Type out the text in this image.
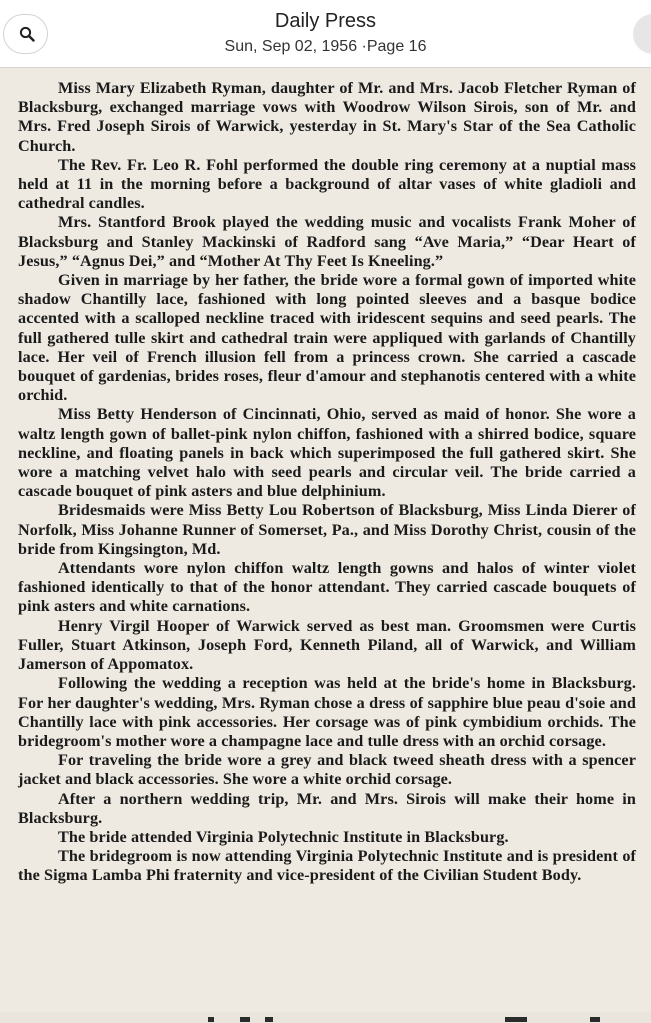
Daily Press
Sun, Sep 02, 1956 ·Page 16

Miss Mary Elizabeth Ryman, daughter of Mr. and Mrs. Jacob Fletcher Ryman of Blacksburg, exchanged marriage vows with Woodrow Wilson Sirois, son of Mr. and Mrs. Fred Joseph Sirois of Warwick, yesterday in St. Mary's Star of the Sea Catholic Church.

The Rev. Fr. Leo R. Fohl performed the double ring ceremony at a nuptial mass held at 11 in the morning before a background of altar vases of white gladioli and cathedral candles.

Mrs. Stantford Brook played the wedding music and vocalists Frank Moher of Blacksburg and Stanley Mackinski of Radford sang “Ave Maria,” “Dear Heart of Jesus,” “Agnus Dei,” and “Mother At Thy Feet Is Kneeling.”

Given in marriage by her father, the bride wore a formal gown of imported white shadow Chantilly lace, fashioned with long pointed sleeves and a basque bodice accented with a scalloped neckline traced with iridescent sequins and seed pearls. The full gathered tulle skirt and cathedral train were appliqued with garlands of Chantilly lace. Her veil of French illusion fell from a princess crown. She carried a cascade bouquet of gardenias, brides roses, fleur d'amour and stephanotis centered with a white orchid.

Miss Betty Henderson of Cincinnati, Ohio, served as maid of honor. She wore a waltz length gown of ballet-pink nylon chiffon, fashioned with a shirred bodice, square neckline, and floating panels in back which superimposed the full gathered skirt. She wore a matching velvet halo with seed pearls and circular veil. The bride carried a cascade bouquet of pink asters and blue delphinium.

Bridesmaids were Miss Betty Lou Robertson of Blacksburg, Miss Linda Dierer of Norfolk, Miss Johanne Runner of Somerset, Pa., and Miss Dorothy Christ, cousin of the bride from Kingsington, Md.

Attendants wore nylon chiffon waltz length gowns and halos of winter violet fashioned identically to that of the honor attendant. They carried cascade bouquets of pink asters and white carnations.

Henry Virgil Hooper of Warwick served as best man. Groomsmen were Curtis Fuller, Stuart Atkinson, Joseph Ford, Kenneth Piland, all of Warwick, and William Jamerson of Appomatox.

Following the wedding a reception was held at the bride's home in Blacksburg. For her daughter's wedding, Mrs. Ryman chose a dress of sapphire blue peau d'soie and Chantilly lace with pink accessories. Her corsage was of pink cymbidium orchids. The bridegroom's mother wore a champagne lace and tulle dress with an orchid corsage.

For traveling the bride wore a grey and black tweed sheath dress with a spencer jacket and black accessories. She wore a white orchid corsage.

After a northern wedding trip, Mr. and Mrs. Sirois will make their home in Blacksburg.

The bride attended Virginia Polytechnic Institute in Blacksburg.

The bridegroom is now attending Virginia Polytechnic Institute and is president of the Sigma Lamba Phi fraternity and vice-president of the Civilian Student Body.
